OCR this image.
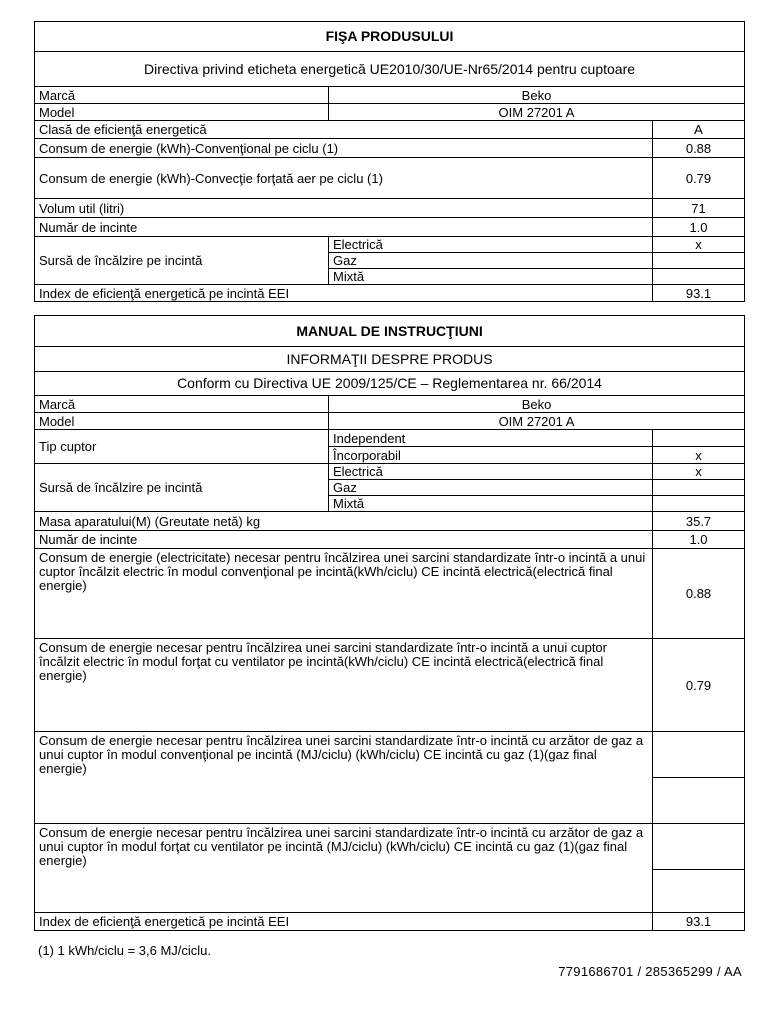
FIŞA PRODUSULUI		
Directiva privind eticheta energetică UE2010/30/UE-Nr65/2014 pentru cuptoare		
Marcă	Beko	
Model	OIM 27201 A	
Clasă de eficienţă energetică		A
Consum de energie (kWh)-Convenţional pe ciclu (1)		0.88
Consum de energie (kWh)-Convecţie forţată aer pe ciclu (1)		0.79
Volum util (litri)		71
Număr de incinte		1.0
Sursă de încălzire pe incintă	Electrică	x
	Gaz	
	Mixtă	
Index de eficienţă energetică pe incintă EEI		93.1
MANUAL DE INSTRUCŢIUNI		
INFORMAŢII DESPRE PRODUS		
Conform cu Directiva UE 2009/125/CE – Reglementarea nr. 66/2014		
Marcă	Beko	
Model	OIM 27201 A	
Tip cuptor	Independent	
	Încorporabil	x
Sursă de încălzire pe incintă	Electrică	x
	Gaz	
	Mixtă	
Masa aparatului(M) (Greutate netă) kg		35.7
Număr de incinte		1.0
Consum de energie (electricitate) necesar pentru încălzirea unei sarcini standardizate într-o incintă a unui cuptor încălzit electric în modul convenţional pe incintă(kWh/ciclu) CE incintă electrică(electrică final energie)		0.88
Consum de energie necesar pentru încălzirea unei sarcini standardizate într-o incintă a unui cuptor încălzit electric în modul forţat cu ventilator pe incintă(kWh/ciclu) CE incintă electrică(electrică final energie)		0.79
Consum de energie necesar pentru încălzirea unei sarcini standardizate într-o incintă cu arzător de gaz a unui cuptor în modul convenţional pe incintă (MJ/ciclu) (kWh/ciclu) CE incintă cu gaz (1)(gaz final energie)		

Consum de energie necesar pentru încălzirea unei sarcini standardizate într-o incintă cu arzător de gaz a unui cuptor în modul forţat cu ventilator pe incintă (MJ/ciclu) (kWh/ciclu) CE incintă cu gaz (1)(gaz final energie)		

Index de eficienţă energetică pe incintă EEI		93.1
(1) 1 kWh/ciclu = 3,6 MJ/ciclu.
7791686701 / 285365299 / AA
